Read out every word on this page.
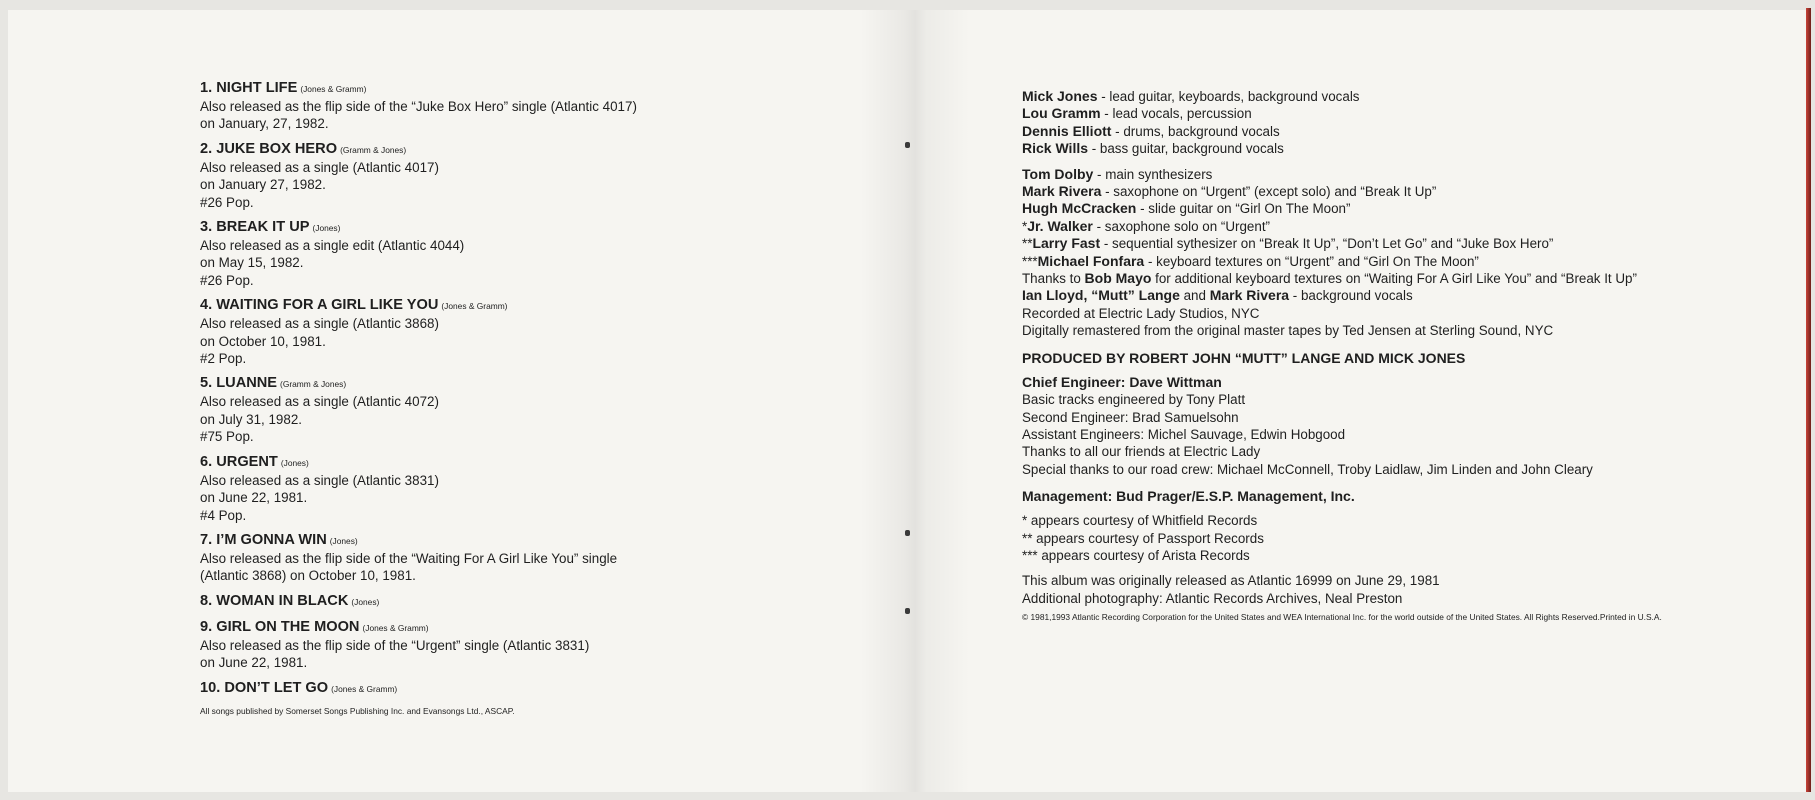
1. NIGHT LIFE (Jones & Gramm)
Also released as the flip side of the “Juke Box Hero” single (Atlantic 4017)
on January, 27, 1982.
2. JUKE BOX HERO (Gramm & Jones)
Also released as a single (Atlantic 4017)
on January 27, 1982.
#26 Pop.
3. BREAK IT UP (Jones)
Also released as a single edit (Atlantic 4044)
on May 15, 1982.
#26 Pop.
4. WAITING FOR A GIRL LIKE YOU (Jones & Gramm)
Also released as a single (Atlantic 3868)
on October 10, 1981.
#2 Pop.
5. LUANNE (Gramm & Jones)
Also released as a single (Atlantic 4072)
on July 31, 1982.
#75 Pop.
6. URGENT (Jones)
Also released as a single (Atlantic 3831)
on June 22, 1981.
#4 Pop.
7. I’M GONNA WIN (Jones)
Also released as the flip side of the “Waiting For A Girl Like You” single
(Atlantic 3868) on October 10, 1981.
8. WOMAN IN BLACK (Jones)
9. GIRL ON THE MOON (Jones & Gramm)
Also released as the flip side of the “Urgent” single (Atlantic 3831)
on June 22, 1981.
10. DON’T LET GO (Jones & Gramm)
All songs published by Somerset Songs Publishing Inc. and Evansongs Ltd., ASCAP.
Mick Jones - lead guitar, keyboards, background vocals
Lou Gramm - lead vocals, percussion
Dennis Elliott - drums, background vocals
Rick Wills - bass guitar, background vocals
Tom Dolby - main synthesizers
Mark Rivera - saxophone on “Urgent” (except solo) and “Break It Up”
Hugh McCracken - slide guitar on “Girl On The Moon”
*Jr. Walker - saxophone solo on “Urgent”
**Larry Fast - sequential sythesizer on “Break It Up”, “Don’t Let Go” and “Juke Box Hero”
***Michael Fonfara - keyboard textures on “Urgent” and “Girl On The Moon”
Thanks to Bob Mayo for additional keyboard textures on “Waiting For A Girl Like You” and “Break It Up”
Ian Lloyd, “Mutt” Lange and Mark Rivera - background vocals
Recorded at Electric Lady Studios, NYC
Digitally remastered from the original master tapes by Ted Jensen at Sterling Sound, NYC
PRODUCED BY ROBERT JOHN “MUTT” LANGE AND MICK JONES
Chief Engineer: Dave Wittman
Basic tracks engineered by Tony Platt
Second Engineer: Brad Samuelsohn
Assistant Engineers: Michel Sauvage, Edwin Hobgood
Thanks to all our friends at Electric Lady
Special thanks to our road crew: Michael McConnell, Troby Laidlaw, Jim Linden and John Cleary
Management: Bud Prager/E.S.P. Management, Inc.
* appears courtesy of Whitfield Records
** appears courtesy of Passport Records
*** appears courtesy of Arista Records
This album was originally released as Atlantic 16999 on June 29, 1981
Additional photography: Atlantic Records Archives, Neal Preston
© 1981,1993 Atlantic Recording Corporation for the United States and WEA International Inc. for the world outside of the United States. All Rights Reserved.Printed in U.S.A.
